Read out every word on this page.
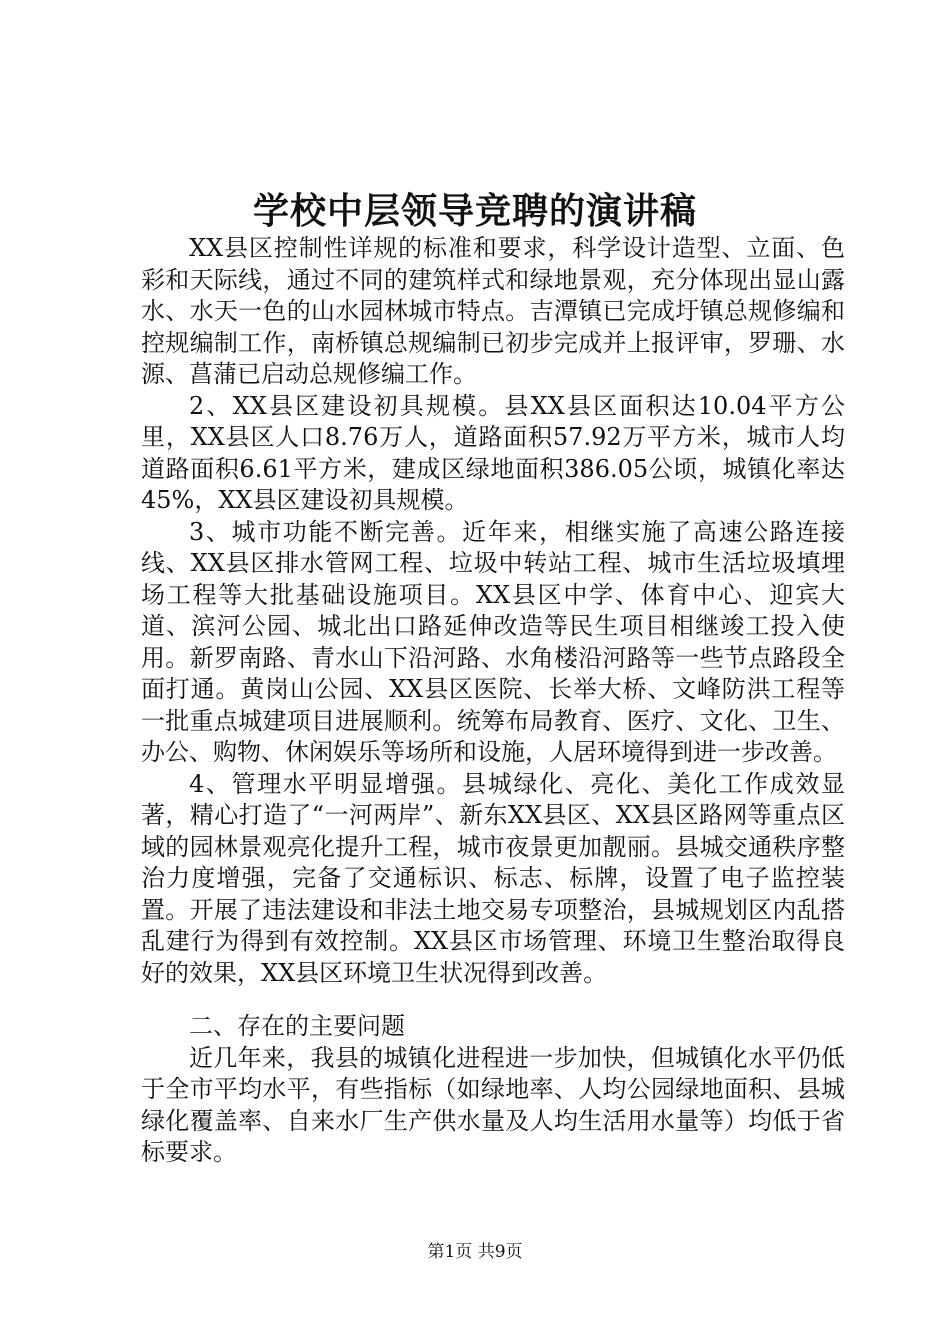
学校中层领导竞聘的演讲稿

XX县区控制性详规的标准和要求，科学设计造型、立面、色彩和天际线，通过不同的建筑样式和绿地景观，充分体现出显山露水、水天一色的山水园林城市特点。吉潭镇已完成圩镇总规修编和控规编制工作，南桥镇总规编制已初步完成并上报评审，罗珊、水源、菖蒲已启动总规修编工作。

2、XX县区建设初具规模。县XX县区面积达10.04平方公里，XX县区人口8.76万人，道路面积57.92万平方米，城市人均道路面积6.61平方米，建成区绿地面积386.05公顷，城镇化率达45%，XX县区建设初具规模。

3、城市功能不断完善。近年来，相继实施了高速公路连接线、XX县区排水管网工程、垃圾中转站工程、城市生活垃圾填埋场工程等大批基础设施项目。XX县区中学、体育中心、迎宾大道、滨河公园、城北出口路延伸改造等民生项目相继竣工投入使用。新罗南路、青水山下沿河路、水角楼沿河路等一些节点路段全面打通。黄岗山公园、XX县区医院、长举大桥、文峰防洪工程等一批重点城建项目进展顺利。统筹布局教育、医疗、文化、卫生、办公、购物、休闲娱乐等场所和设施，人居环境得到进一步改善。

4、管理水平明显增强。县城绿化、亮化、美化工作成效显著，精心打造了“一河两岸”、新东XX县区、XX县区路网等重点区域的园林景观亮化提升工程，城市夜景更加靓丽。县城交通秩序整治力度增强，完备了交通标识、标志、标牌，设置了电子监控装置。开展了违法建设和非法土地交易专项整治，县城规划区内乱搭乱建行为得到有效控制。XX县区市场管理、环境卫生整治取得良好的效果，XX县区环境卫生状况得到改善。

二、存在的主要问题

近几年来，我县的城镇化进程进一步加快，但城镇化水平仍低于全市平均水平，有些指标（如绿地率、人均公园绿地面积、县城绿化覆盖率、自来水厂生产供水量及人均生活用水量等）均低于省标要求。

第1页 共9页
